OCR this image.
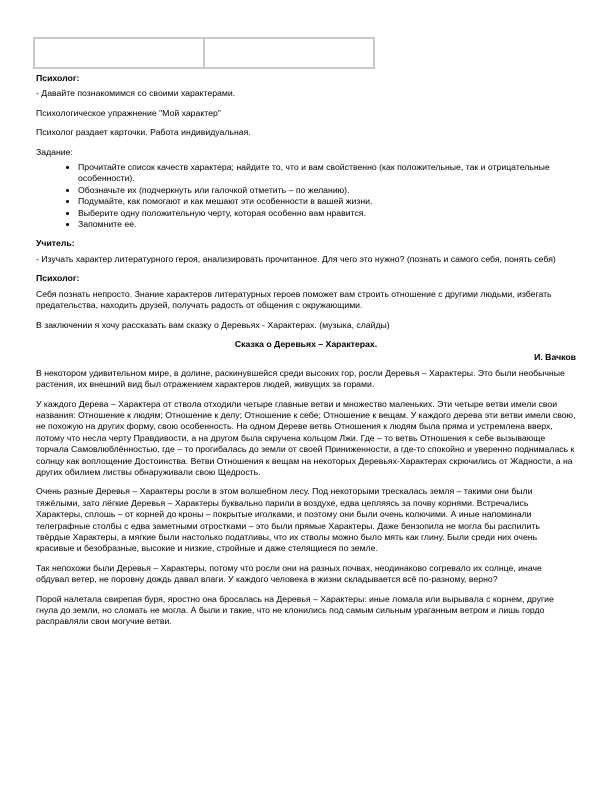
Психолог:

- Давайте познакомимся со своими характерами.

Психологическое упражнение "Мой характер"

Психолог раздает карточки. Работа индивидуальная.

Задание:

• Прочитайте список качеств характера; найдите то, что и вам свойственно (как положительные, так и отрицательные особенности).
• Обозначьте их (подчеркнуть или галочкой отметить – по желанию).
• Подумайте, как помогают и как мешают эти особенности в вашей жизни.
• Выберите одну положительную черту, которая особенно вам нравится.
• Запомните ее.

Учитель:

- Изучать характер литературного героя, анализировать прочитанное. Для чего это нужно? (познать и самого себя, понять себя)

Психолог:

Себя познать непросто. Знание характеров литературных героев поможет вам строить отношение с другими людьми, избегать предательства, находить друзей, получать радость от общения с окружающими.

В заключении я хочу рассказать вам сказку о Деревьях - Характерах. (музыка, слайды)

Сказка о Деревьях – Характерах.

И. Вачков

В некотором удивительном мире, в долине, раскинувшейся среди высоких гор, росли Деревья – Характеры. Это были необычные растения, их внешний вид был отражением характеров людей, живущих за горами.

У каждого Дерева – Характера от ствола отходили четыре главные ветви и множество маленьких. Эти четыре ветви имели свои названия: Отношение к людям; Отношение к делу; Отношение к себе; Отношение к вещам. У каждого дерева эти ветви имели свою, не похожую на других форму, свою особенность. На одном Дереве ветвь Отношения к людям была пряма и устремлена вверх, потому что несла черту Правдивости, а на другом была скручена кольцом Лжи. Где – то ветвь Отношения к себе вызывающе торчала Самовлюблённостью, где – то прогибалась до земли от своей Приниженности, а где-то спокойно и уверенно поднималась к солнцу как воплощение Достоинства. Ветви Отношения к вещам на некоторых Деревьях-Характерах скрючились от Жадности, а на других обилием листвы обнаруживали свою Щедрость.

Очень разные Деревья – Характеры росли в этом волшебном лесу. Под некоторыми трескалась земля – такими они были тяжёлыми, зато лёгкие Деревья – Характеры буквально парили в воздухе, едва цепляясь за почву корнями. Встречались Характеры, сплошь – от корней до кроны – покрытые иголками, и поэтому они были очень колючими. А иные напоминали телеграфные столбы с едва заметными отростками – это были прямые Характеры. Даже бензопила не могла бы распилить твёрдые Характеры, а мягкие были настолько податливы, что их стволы можно было мять как глину. Были среди них очень красивые и безобразные, высокие и низкие, стройные и даже стелящиеся по земле.

Так непохожи были Деревья – Характеры, потому что росли они на разных почвах, неодинаково согревало их солнце, иначе обдувал ветер, не поровну дождь давал влаги. У каждого человека в жизни складывается всё по-разному, верно?

Порой налетала свирепая буря, яростно она бросалась на Деревья – Характеры: иные ломала или вырывала с корнем, другие гнула до земли, но сломать не могла. А были и такие, что не клонились под самым сильным ураганным ветром и лишь гордо расправляли свои могучие ветви.
